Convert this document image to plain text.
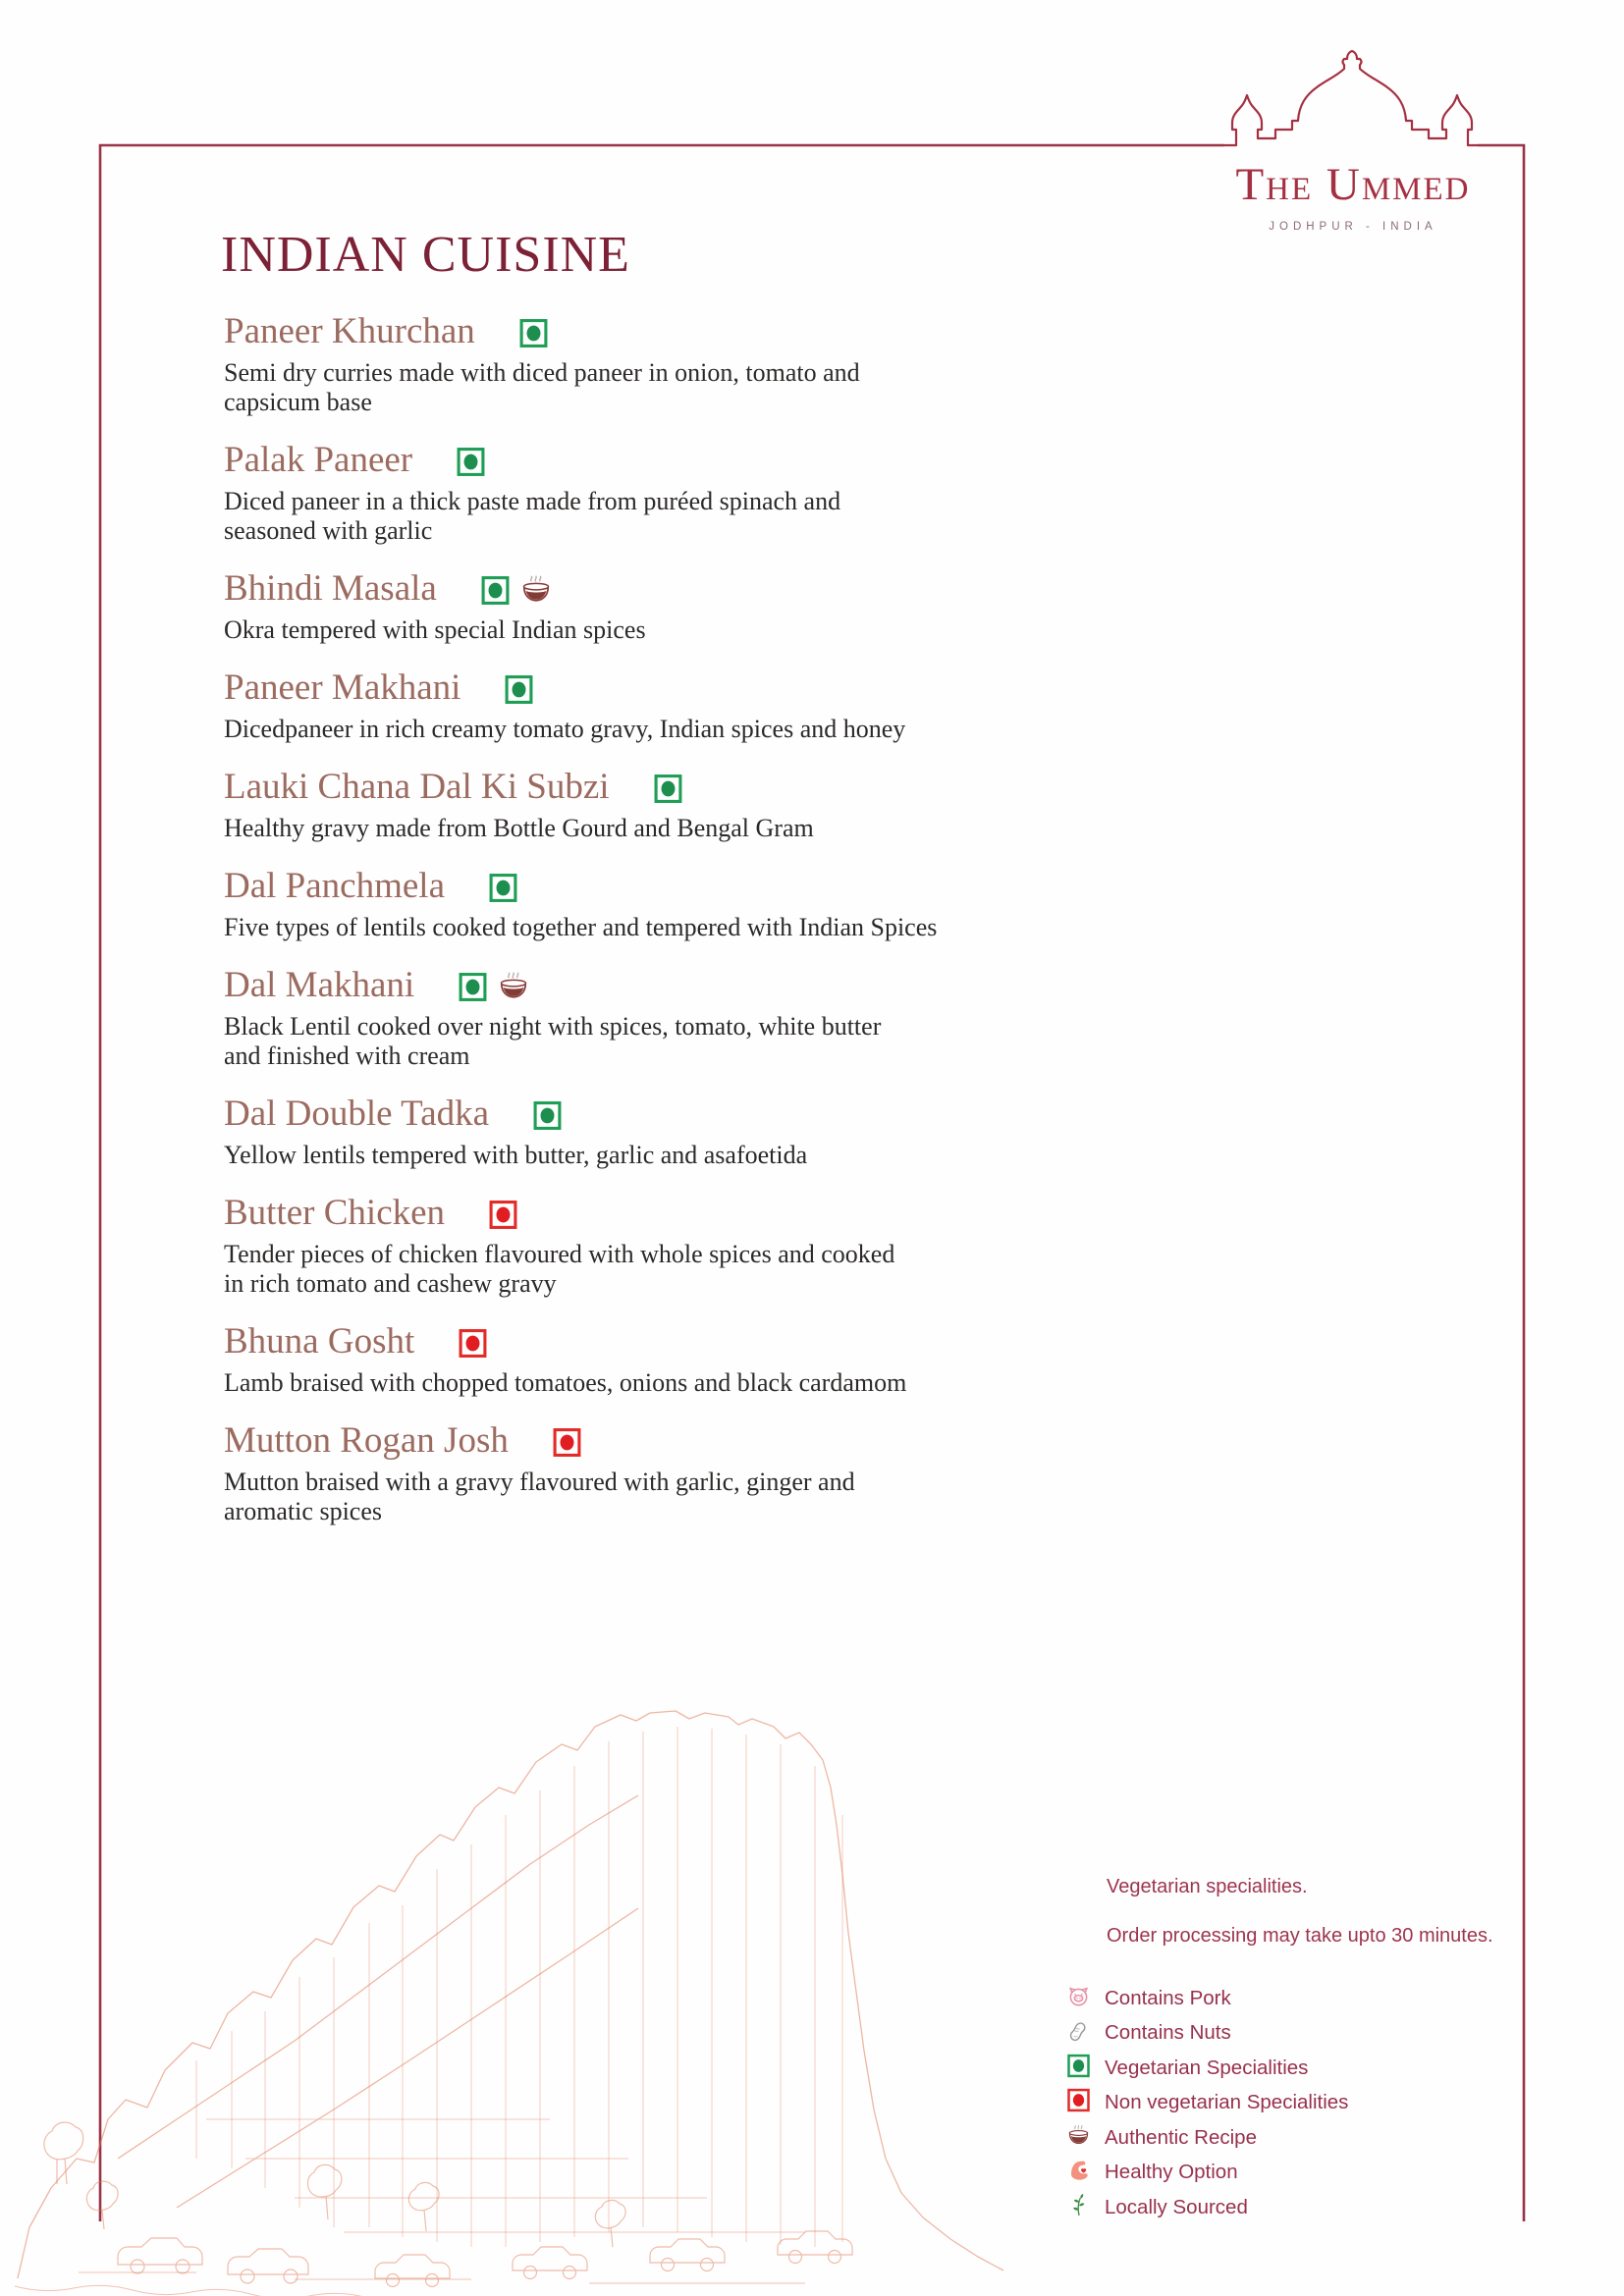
The Ummed
JODHPUR - INDIA
INDIAN CUISINE
Paneer Khurchan
Semi dry curries made with diced paneer in onion, tomato and
capsicum base
Palak Paneer
Diced paneer in a thick paste made from puréed spinach and
seasoned with garlic
Bhindi Masala
Okra tempered with special Indian spices
Paneer Makhani
Dicedpaneer in rich creamy tomato gravy, Indian spices and honey
Lauki Chana Dal Ki Subzi
Healthy gravy made from Bottle Gourd and Bengal Gram
Dal Panchmela
Five types of lentils cooked together and tempered with Indian Spices
Dal Makhani
Black Lentil cooked over night with spices, tomato, white butter
and finished with cream
Dal Double Tadka
Yellow lentils tempered with butter, garlic and asafoetida
Butter Chicken
Tender pieces of chicken flavoured with whole spices and cooked
in rich tomato and cashew gravy
Bhuna Gosht
Lamb braised with chopped tomatoes, onions and black cardamom
Mutton Rogan Josh
Mutton braised with a gravy flavoured with garlic, ginger and
aromatic spices
Vegetarian specialities.
Order processing may take upto 30 minutes.
Contains Pork
Contains Nuts
Vegetarian Specialities
Non vegetarian Specialities
Authentic Recipe
Healthy Option
Locally Sourced
